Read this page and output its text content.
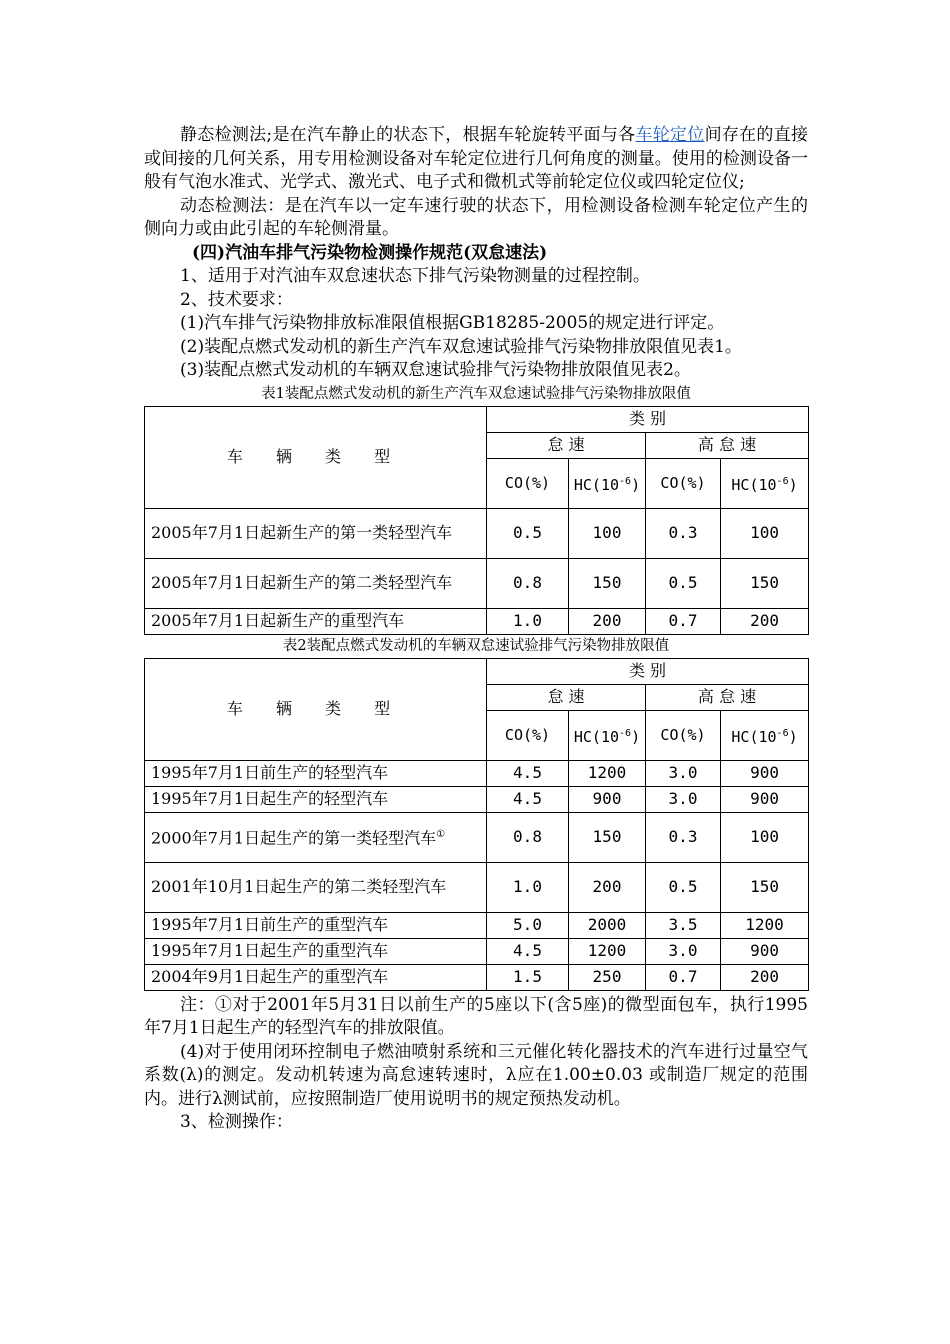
静态检测法;是在汽车静止的状态下，根据车轮旋转平面与各车轮定位间存在的直接或间接的几何关系，用专用检测设备对车轮定位进行几何角度的测量。使用的检测设备一般有气泡水准式、光学式、激光式、电子式和微机式等前轮定位仪或四轮定位仪;

动态检测法：是在汽车以一定车速行驶的状态下，用检测设备检测车轮定位产生的侧向力或由此引起的车轮侧滑量。

(四)汽油车排气污染物检测操作规范(双怠速法)

1、适用于对汽油车双怠速状态下排气污染物测量的过程控制。

2、技术要求：

(1)汽车排气污染物排放标准限值根据GB18285-2005的规定进行评定。

(2)装配点燃式发动机的新生产汽车双怠速试验排气污染物排放限值见表1。

(3)装配点燃式发动机的车辆双怠速试验排气污染物排放限值见表2。

表1装配点燃式发动机的新生产汽车双怠速试验排气污染物排放限值
车 辆 类 型	类 别			
	怠 速		高 怠 速	
	CO(%)	$HC(10^{-6})$	CO(%)	$HC(10^{-6})$
2005年7月1日起新生产的第一类轻型汽车	0.5	100	0.3	100
2005年7月1日起新生产的第二类轻型汽车	0.8	150	0.5	150
2005年7月1日起新生产的重型汽车	1.0	200	0.7	200
表2装配点燃式发动机的车辆双怠速试验排气污染物排放限值
车 辆 类 型	类 别			
	怠 速		高 怠 速	
	CO(%)	$HC(10^{-6})$	CO(%)	$HC(10^{-6})$
1995年7月1日前生产的轻型汽车	4.5	1200	3.0	900
1995年7月1日起生产的轻型汽车	4.5	900	3.0	900
2000年7月1日起生产的第一类轻型汽车①	0.8	150	0.3	100
2001年10月1日起生产的第二类轻型汽车	1.0	200	0.5	150
1995年7月1日前生产的重型汽车	5.0	2000	3.5	1200
1995年7月1日起生产的重型汽车	4.5	1200	3.0	900
2004年9月1日起生产的重型汽车	1.5	250	0.7	200

注：①对于2001年5月31日以前生产的5座以下(含5座)的微型面包车，执行1995年7月1日起生产的轻型汽车的排放限值。

(4)对于使用闭环控制电子燃油喷射系统和三元催化转化器技术的汽车进行过量空气系数(λ)的测定。发动机转速为高怠速转速时，λ应在1.00±0.03 或制造厂规定的范围内。进行λ测试前，应按照制造厂使用说明书的规定预热发动机。

3、检测操作：
